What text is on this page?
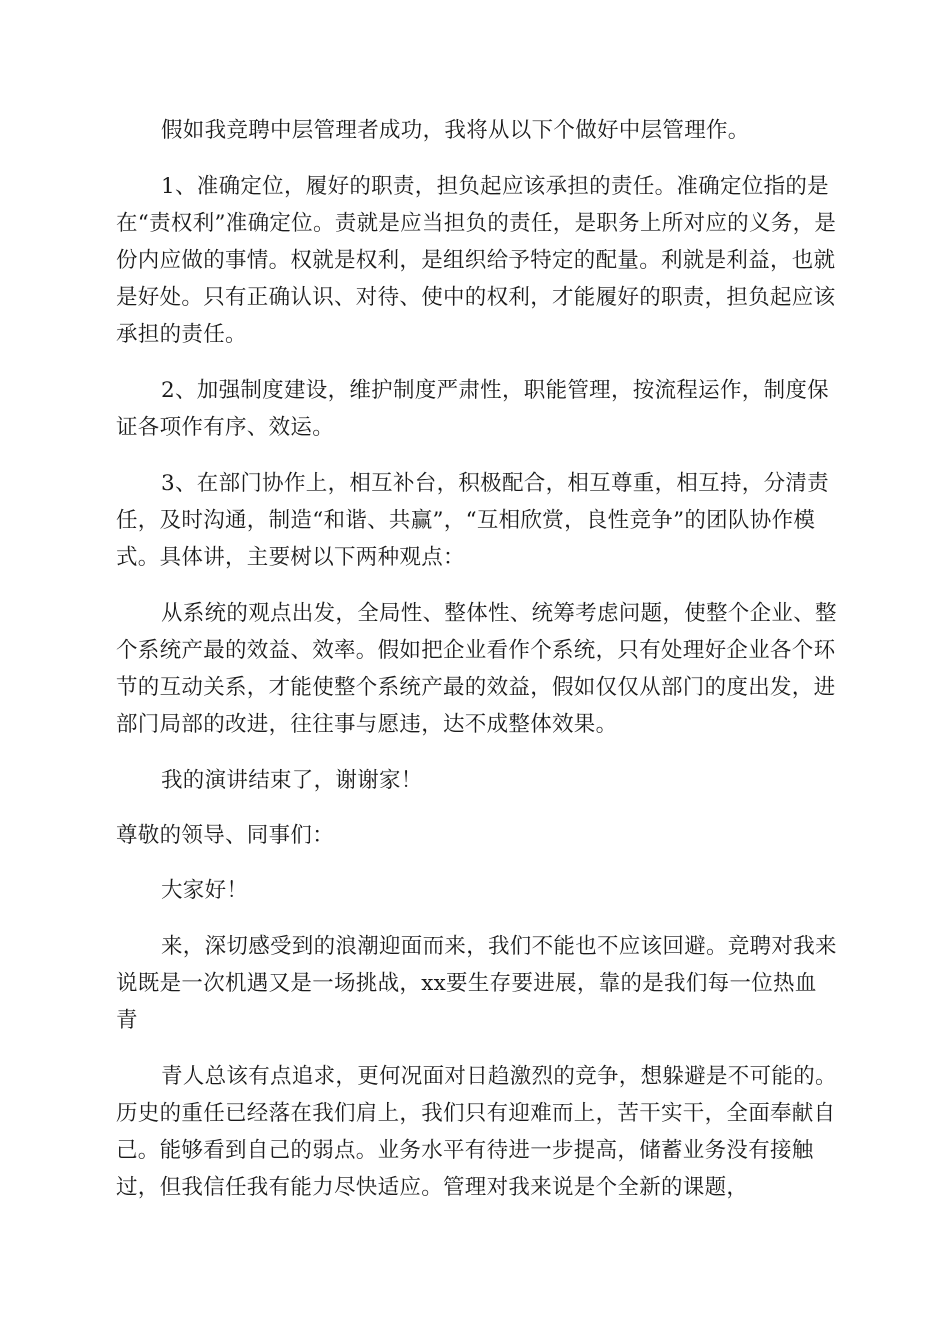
假如我竞聘中层管理者成功，我将从以下个做好中层管理作。

1、准确定位，履好的职责，担负起应该承担的责任。准确定位指的是在“责权利”准确定位。责就是应当担负的责任，是职务上所对应的义务，是份内应做的事情。权就是权利，是组织给予特定的配量。利就是利益，也就是好处。只有正确认识、对待、使中的权利，才能履好的职责，担负起应该承担的责任。

2、加强制度建设，维护制度严肃性，职能管理，按流程运作，制度保证各项作有序、效运。

3、在部门协作上，相互补台，积极配合，相互尊重，相互持，分清责任，及时沟通，制造“和谐、共赢”，“互相欣赏，良性竞争”的团队协作模式。具体讲，主要树以下两种观点：

从系统的观点出发，全局性、整体性、统筹考虑问题，使整个企业、整个系统产最的效益、效率。假如把企业看作个系统，只有处理好企业各个环节的互动关系，才能使整个系统产最的效益，假如仅仅从部门的度出发，进部门局部的改进，往往事与愿违，达不成整体效果。

我的演讲结束了，谢谢家！

尊敬的领导、同事们：

大家好！

来，深切感受到的浪潮迎面而来，我们不能也不应该回避。竞聘对我来说既是一次机遇又是一场挑战，xx要生存要进展，靠的是我们每一位热血青

青人总该有点追求，更何况面对日趋激烈的竞争，想躲避是不可能的。历史的重任已经落在我们肩上，我们只有迎难而上，苦干实干，全面奉献自己。能够看到自己的弱点。业务水平有待进一步提高，储蓄业务没有接触过，但我信任我有能力尽快适应。管理对我来说是个全新的课题，
